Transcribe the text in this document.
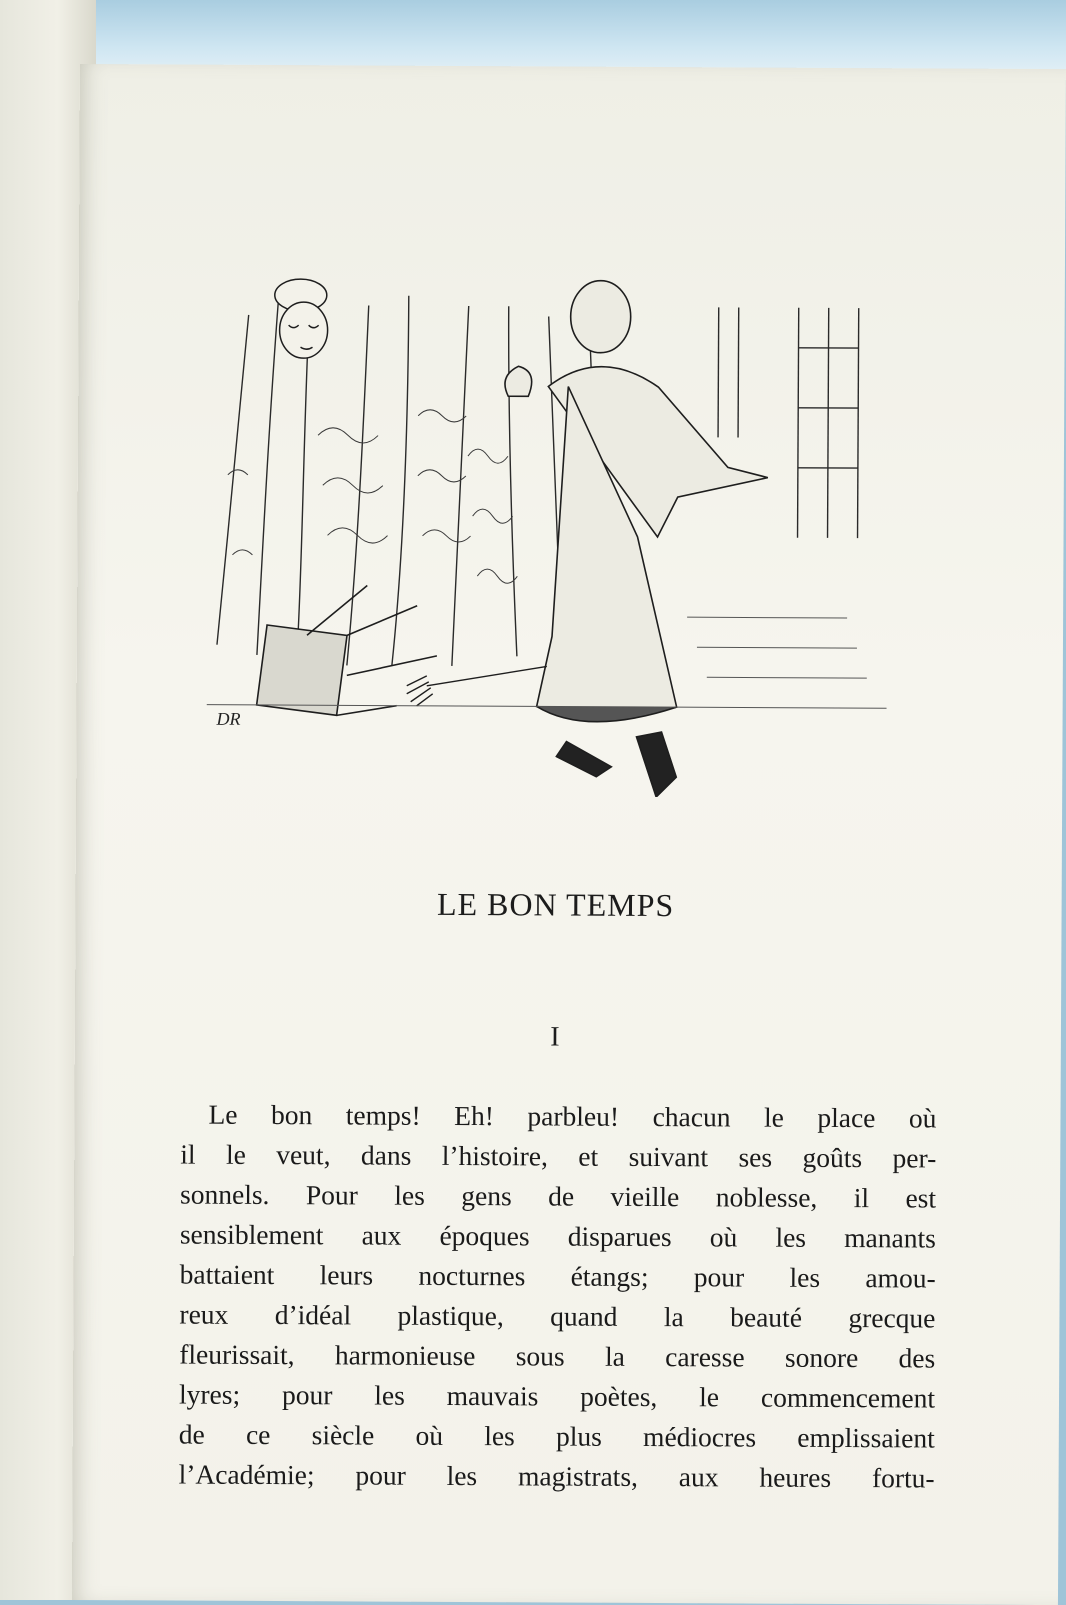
DR
LE BON TEMPS
I
Le bon temps! Eh! parbleu! chacun le place où
il le veut, dans l’histoire, et suivant ses goûts per-
sonnels. Pour les gens de vieille noblesse, il est
sensiblement aux époques disparues où les manants
battaient leurs nocturnes étangs; pour les amou-
reux d’idéal plastique, quand la beauté grecque
fleurissait, harmonieuse sous la caresse sonore des
lyres; pour les mauvais poètes, le commencement
de ce siècle où les plus médiocres emplissaient
l’Académie; pour les magistrats, aux heures fortu-
